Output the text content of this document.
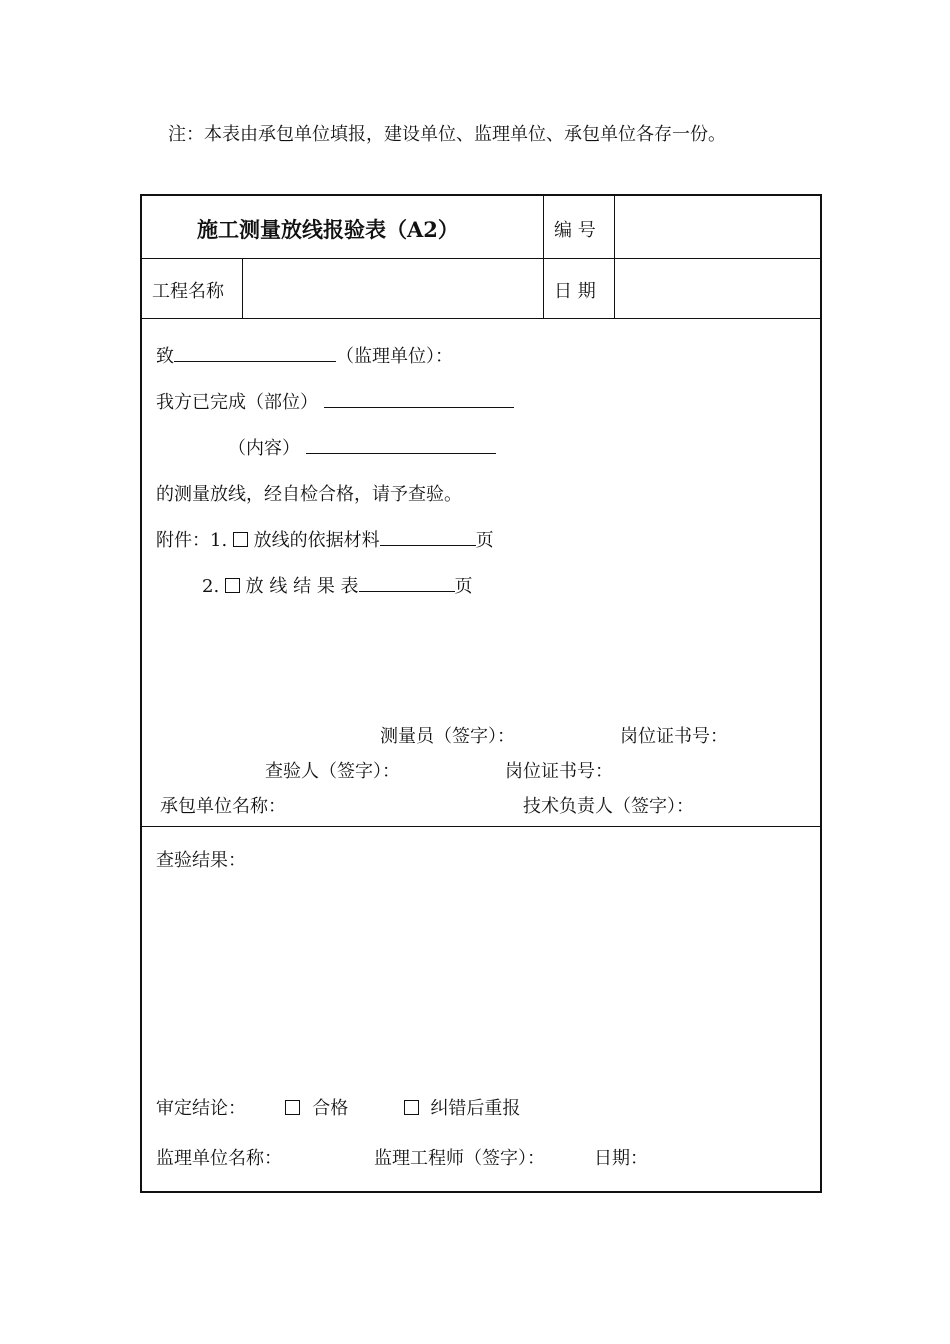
注：本表由承包单位填报，建设单位、监理单位、承包单位各存一份。
施工测量放线报验表（A2）	编 号
工程名称	日 期
致	（监理单位）：
我方已完成（部位）
（内容）
的测量放线，经自检合格，请予查验。
附件：1. 放线的依据材料	页
2. 放 线 结 果 表	页
测量员（签字）：	岗位证书号：
查验人（签字）：	岗位证书号：
承包单位名称：	技术负责人（签字）：
查验结果：
审定结论：	合格	纠错后重报
监理单位名称：	监理工程师（签字）：	日期：
